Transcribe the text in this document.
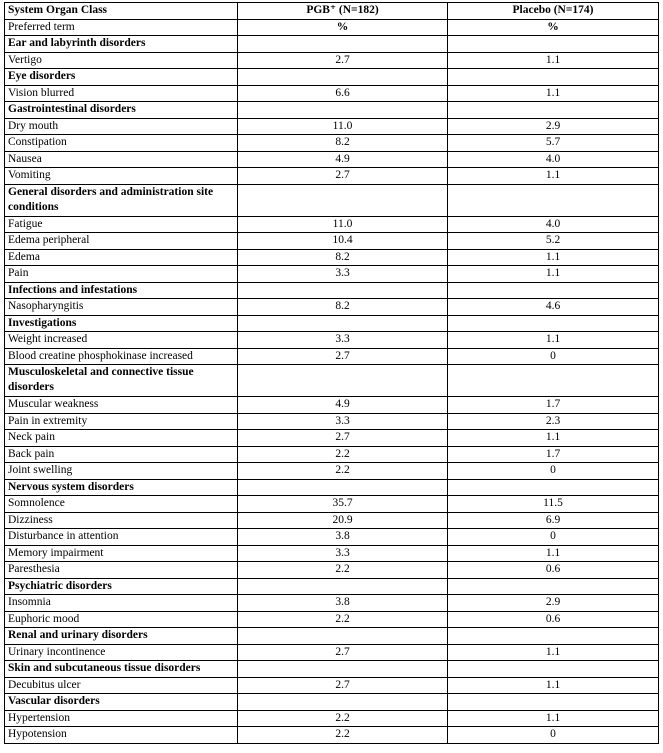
System Organ Class	PGB⁺ (N=182)	Placebo (N=174)
Preferred term	%	%
Ear and labyrinth disorders		
Vertigo	2.7	1.1
Eye disorders		
Vision blurred	6.6	1.1
Gastrointestinal disorders		
Dry mouth	11.0	2.9
Constipation	8.2	5.7
Nausea	4.9	4.0
Vomiting	2.7	1.1
General disorders and administration site conditions		
Fatigue	11.0	4.0
Edema peripheral	10.4	5.2
Edema	8.2	1.1
Pain	3.3	1.1
Infections and infestations		
Nasopharyngitis	8.2	4.6
Investigations		
Weight increased	3.3	1.1
Blood creatine phosphokinase increased	2.7	0
Musculoskeletal and connective tissue disorders		
Muscular weakness	4.9	1.7
Pain in extremity	3.3	2.3
Neck pain	2.7	1.1
Back pain	2.2	1.7
Joint swelling	2.2	0
Nervous system disorders		
Somnolence	35.7	11.5
Dizziness	20.9	6.9
Disturbance in attention	3.8	0
Memory impairment	3.3	1.1
Paresthesia	2.2	0.6
Psychiatric disorders		
Insomnia	3.8	2.9
Euphoric mood	2.2	0.6
Renal and urinary disorders		
Urinary incontinence	2.7	1.1
Skin and subcutaneous tissue disorders		
Decubitus ulcer	2.7	1.1
Vascular disorders		
Hypertension	2.2	1.1
Hypotension	2.2	0
